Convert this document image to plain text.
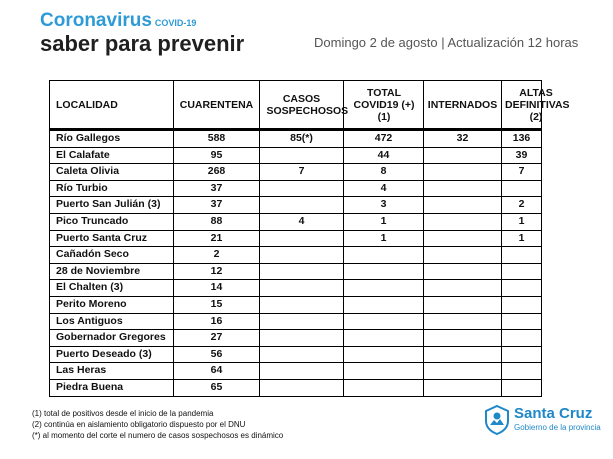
Coronavirus COVID-19
saber para prevenir	Domingo 2 de agosto | Actualización 12 horas
LOCALIDAD	CUARENTENA	CASOS SOSPECHOSOS	TOTAL COVID19 (+) (1)	INTERNADOS	ALTAS DEFINITIVAS (2)

Río Gallegos	588	85(*)	472	32	136
El Calafate	95		44		39
Caleta Olivia	268	7	8		7
Río Turbio	37		4		
Puerto San Julián (3)	37		3		2
Pico Truncado	88	4	1		1
Puerto Santa Cruz	21		1		1
Cañadón Seco	2				
28 de Noviembre	12				
El Chalten (3)	14				
Perito Moreno	15				
Los Antiguos	16				
Gobernador Gregores	27				
Puerto Deseado (3)	56				
Las Heras	64				
Piedra Buena	65				
(1) total de positivos desde el inicio de la pandemia
(2) continúa en aislamiento obligatorio dispuesto por el DNU
(*) al momento del corte el numero de casos sospechosos es dinámico
Santa Cruz
Gobierno de la provincia
